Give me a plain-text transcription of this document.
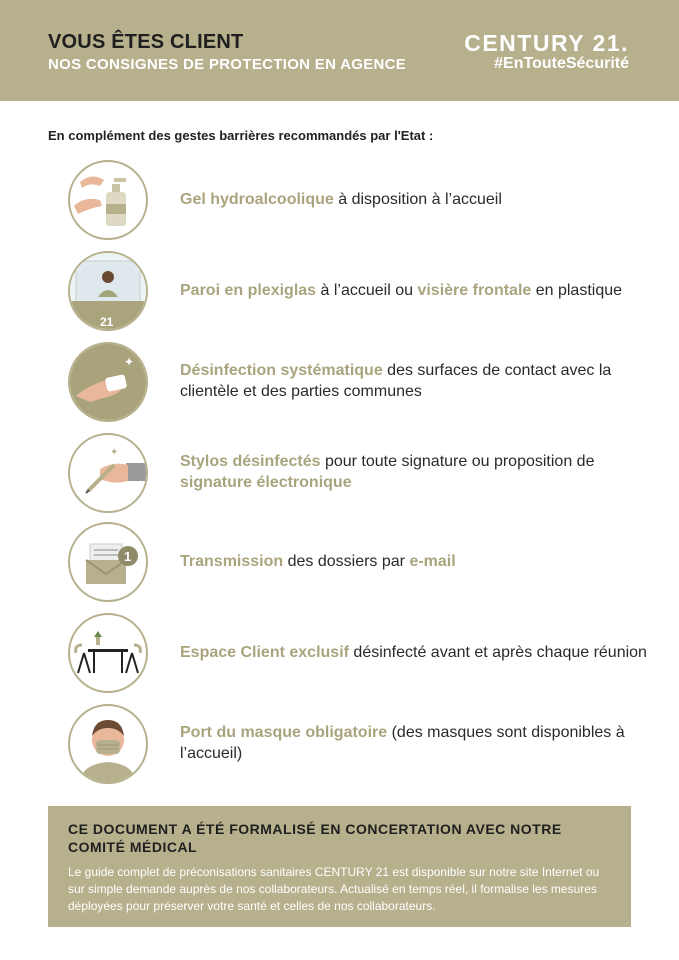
VOUS ÊTES CLIENT
NOS CONSIGNES DE PROTECTION EN AGENCE
CENTURY 21.
#EnTouteSécurité
En complément des gestes barrières recommandés par l'Etat :

Gel hydroalcoolique à disposition à l’accueil

21

Paroi en plexiglas à l’accueil ou visière frontale en plastique

✦	Désinfection systématique des surfaces de contact avec la clientèle et des parties communes

✦

Stylos désinfectés pour toute signature ou proposition de signature électronique

1	Transmission des dossiers par e-mail

Espace Client exclusif désinfecté avant et après chaque réunion

Port du masque obligatoire (des masques sont disponibles à l’accueil)

CE DOCUMENT A ÉTÉ FORMALISÉ EN CONCERTATION AVEC NOTRE COMITÉ MÉDICAL
Le guide complet de préconisations sanitaires CENTURY 21 est disponible sur notre site Internet ou sur simple demande auprès de nos collaborateurs. Actualisé en temps réel, il formalise les mesures déployées pour préserver votre santé et celles de nos collaborateurs.
